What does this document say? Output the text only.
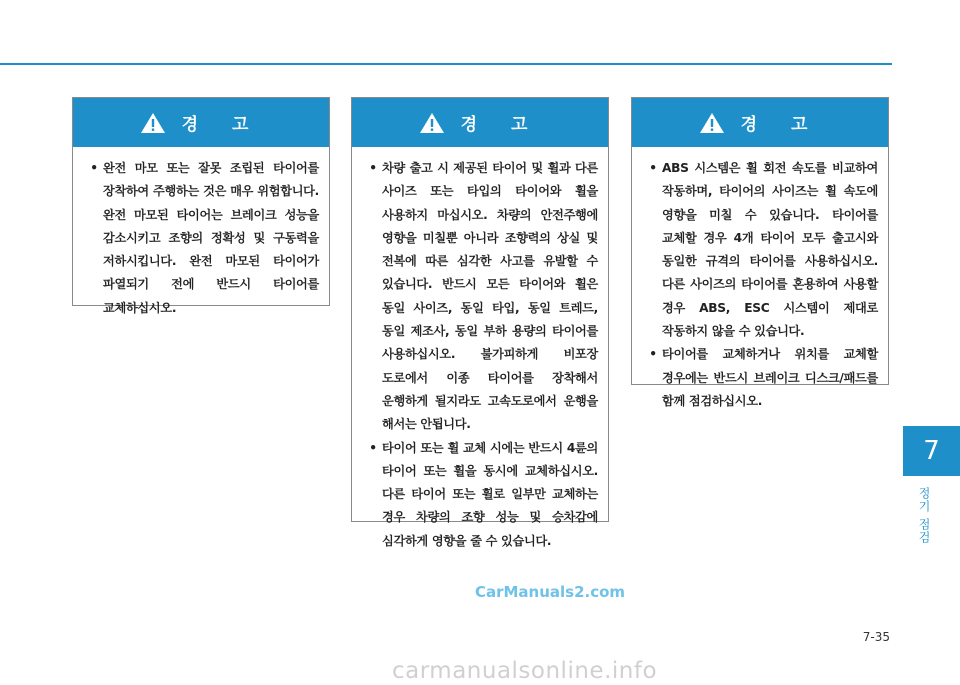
경 고
• 완전 마모 또는 잘못 조립된 타이어를 장착하여 주행하는 것은 매우 위험합니다. 완전 마모된 타이어는 브레이크 성능을 감소시키고 조향의 정확성 및 구동력을 저하시킵니다. 완전 마모된 타이어가 파열되기 전에 반드시 타이어를 교체하십시오.
경 고
• 차량 출고 시 제공된 타이어 및 휠과 다른 사이즈 또는 타입의 타이어와 휠을 사용하지 마십시오. 차량의 안전주행에 영향을 미칠뿐 아니라 조향력의 상실 및 전복에 따른 심각한 사고를 유발할 수 있습니다. 반드시 모든 타이어와 휠은 동일 사이즈, 동일 타입, 동일 트레드, 동일 제조사, 동일 부하 용량의 타이어를 사용하십시오. 불가피하게 비포장 도로에서 이종 타이어를 장착해서 운행하게 될지라도 고속도로에서 운행을 해서는 안됩니다.
• 타이어 또는 휠 교체 시에는 반드시 4륜의 타이어 또는 휠을 동시에 교체하십시오. 다른 타이어 또는 휠로 일부만 교체하는 경우 차량의 조향 성능 및 승차감에 심각하게 영향을 줄 수 있습니다.
경 고
• ABS 시스템은 휠 회전 속도를 비교하여 작동하며, 타이어의 사이즈는 휠 속도에 영향을 미칠 수 있습니다. 타이어를 교체할 경우 4개 타이어 모두 출고시와 동일한 규격의 타이어를 사용하십시오. 다른 사이즈의 타이어를 혼용하여 사용할 경우 ABS, ESC 시스템이 제대로 작동하지 않을 수 있습니다.
• 타이어를 교체하거나 위치를 교체할 경우에는 반드시 브레이크 디스크/패드를 함께 점검하십시오.
7
정기 점검
CarManuals2.com
7-35
carmanualsonline.info
